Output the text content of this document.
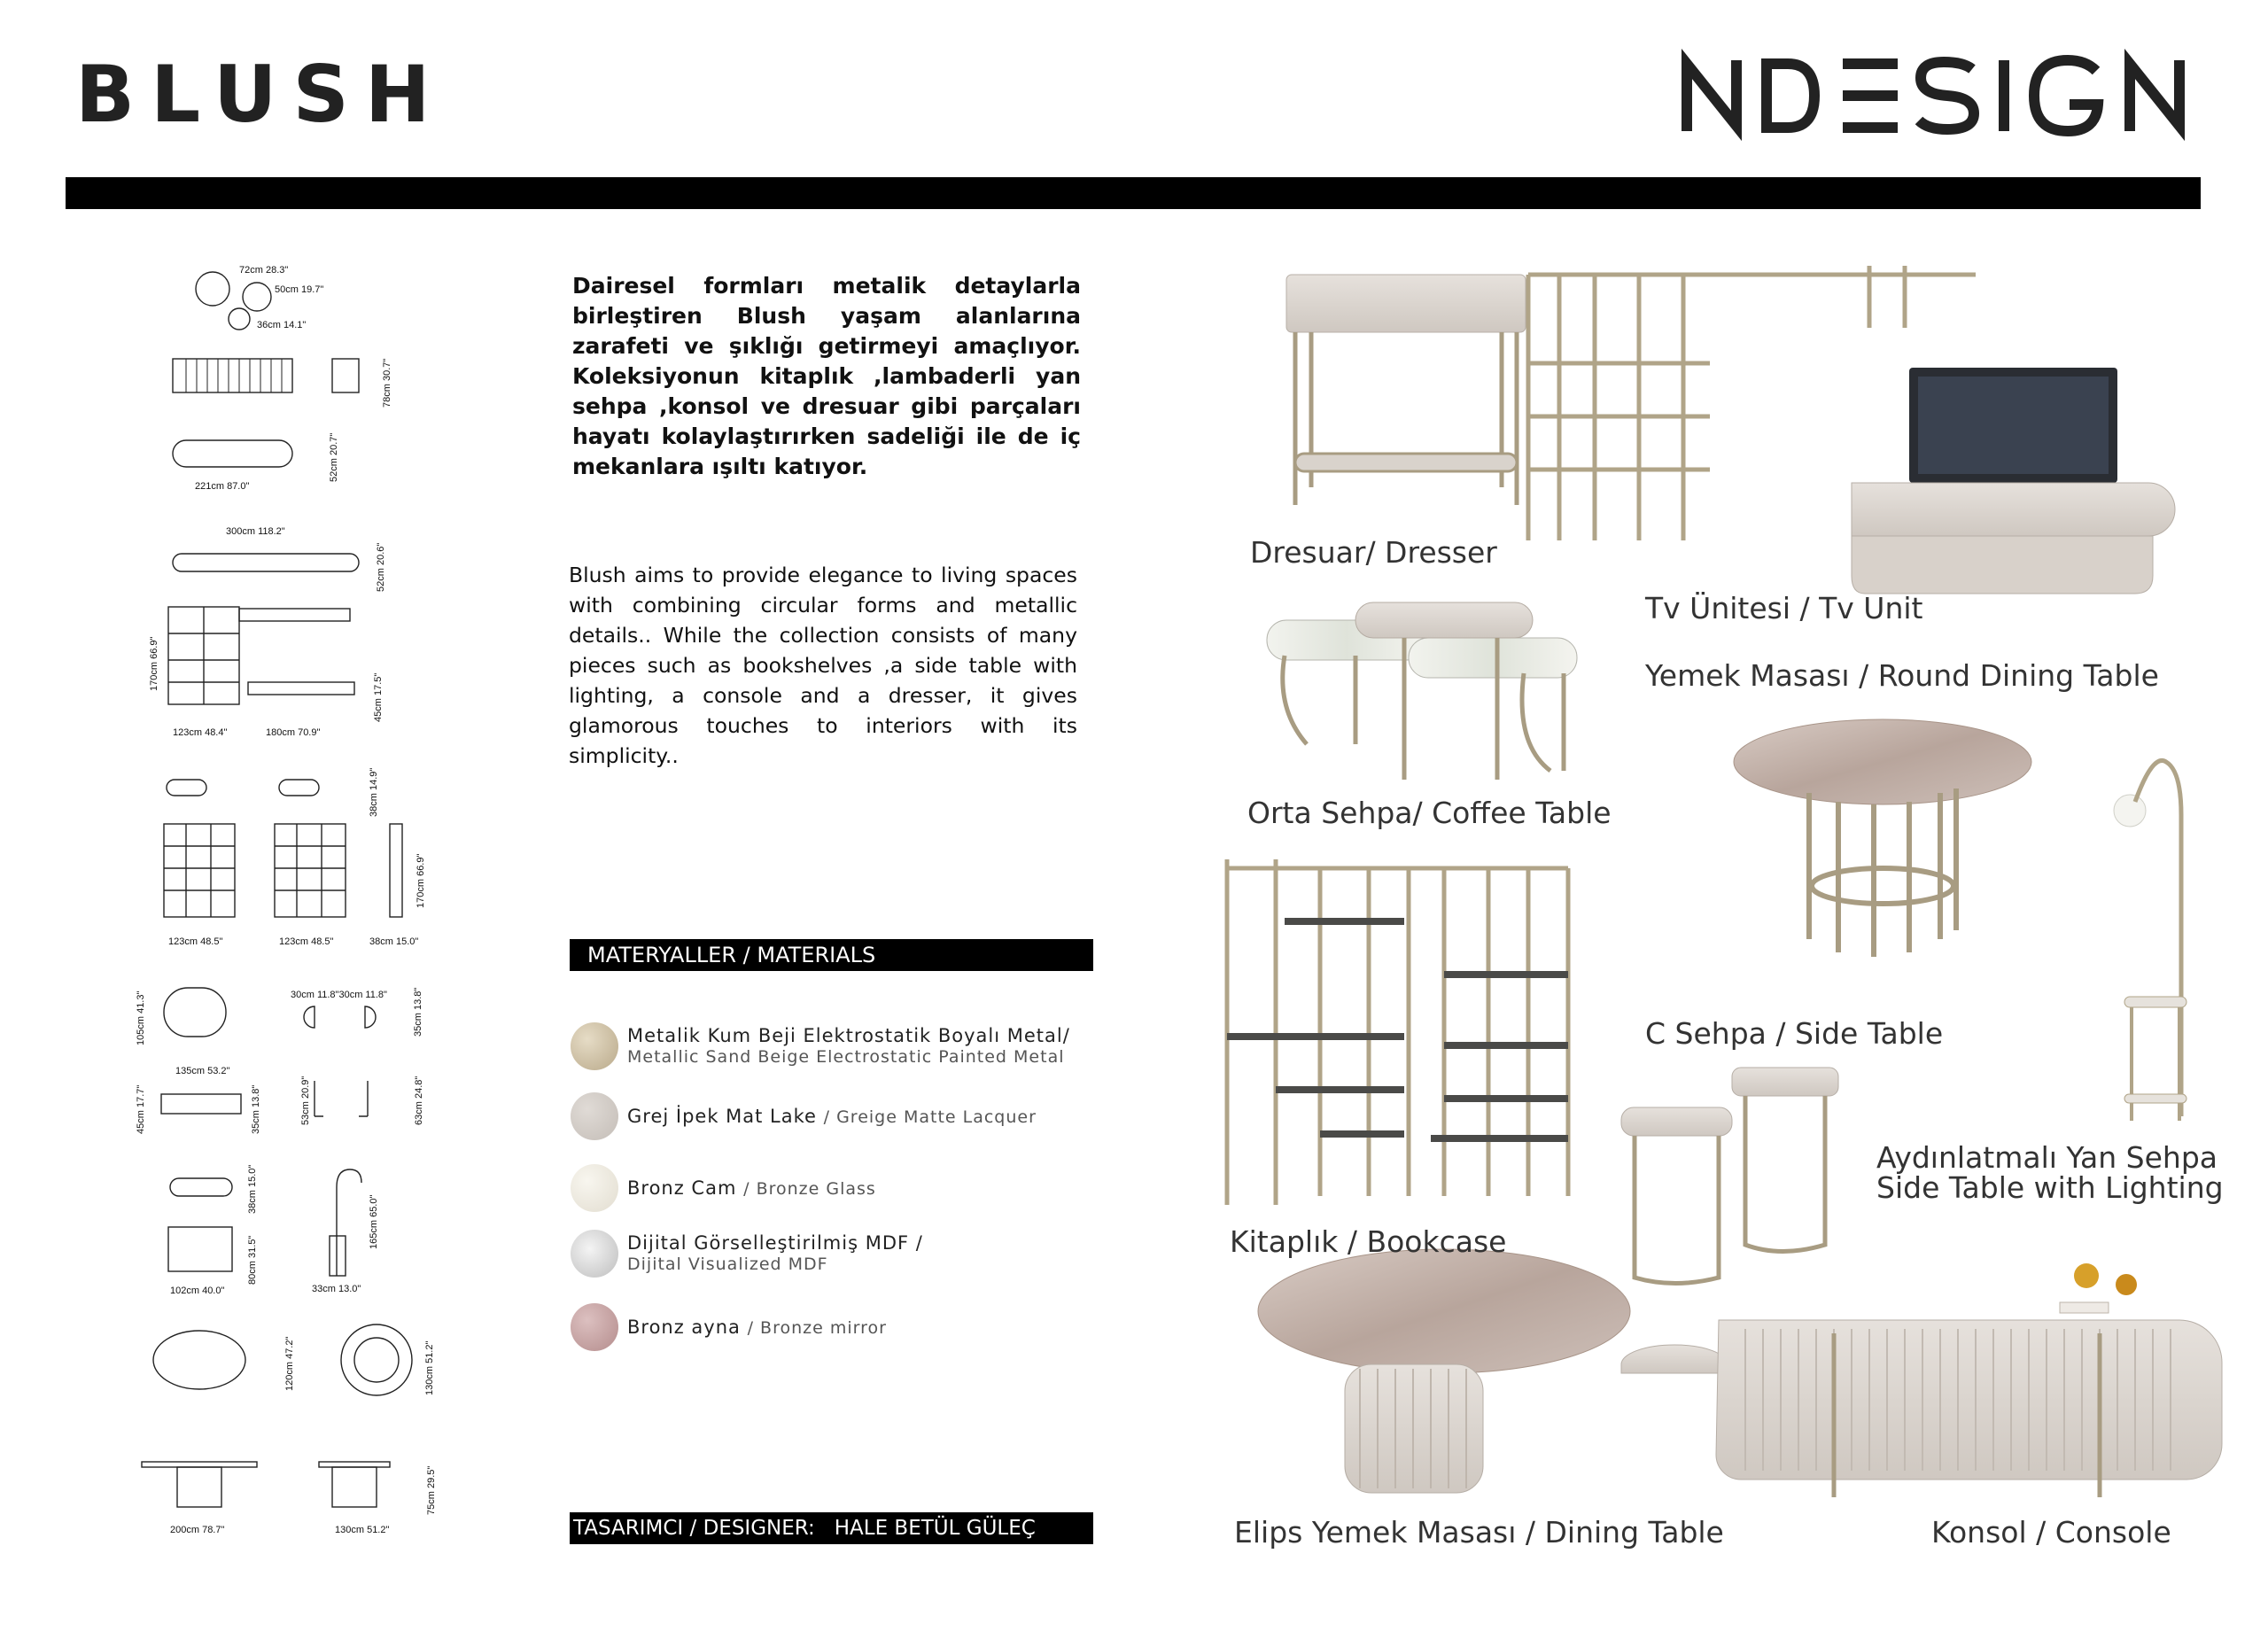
BLUSH
72cm 28.3"
50cm 19.7"
36cm 14.1"
221cm 87.0"
300cm 118.2"
123cm 48.4"	180cm 70.9"
123cm 48.5"	123cm 48.5"	38cm 15.0"
30cm 11.8"30cm 11.8"
135cm 53.2"
102cm 40.0"	33cm 13.0"
200cm 78.7"	130cm 51.2"
78cm 30.7"
52cm 20.7"
52cm 20.6"
170cm 66.9"
45cm 17.5"
38cm 14.9"
170cm 66.9"
105cm 41.3"	35cm 13.8"
45cm 17.7"	35cm 13.8"	53cm 20.9"	63cm 24.8"
38cm 15.0"
80cm 31.5"
165cm 65.0"
120cm 47.2"	130cm 51.2"
75cm 29.5"
Dairesel formları metalik detaylarla birleştiren Blush yaşam alanlarına zarafeti ve şıklığı getirmeyi amaçlıyor. Koleksiyonun kitaplık ,lambaderli yan sehpa ,konsol ve dresuar gibi parçaları hayatı kolaylaştırırken sadeliği ile de iç mekanlara ışıltı katıyor.
Blush aims to provide elegance to living spaces with combining circular forms and metallic details.. While the collection consists of many pieces such as bookshelves ,a side table with lighting, a console and a dresser, it gives glamorous touches to interiors with its simplicity..
MATERYALLER / MATERIALS
Metalik Kum Beji Elektrostatik Boyalı Metal/
Metallic Sand Beige Electrostatic Painted Metal
Grej İpek Mat Lake / Greige Matte Lacquer
Bronz Cam / Bronze Glass
Dijital Görselleştirilmiş MDF /
Dijital Visualized MDF
Bronz ayna / Bronze mirror
TASARIMCI / DESIGNER: HALE BETÜL GÜLEÇ
Dresuar/ Dresser
Tv Ünitesi / Tv Unit
Yemek Masası / Round Dining Table
Orta Sehpa/ Coffee Table
C Sehpa / Side Table
Aydınlatmalı Yan Sehpa
Side Table with Lighting
Kitaplık / Bookcase
Elips Yemek Masası / Dining Table	Konsol / Console
